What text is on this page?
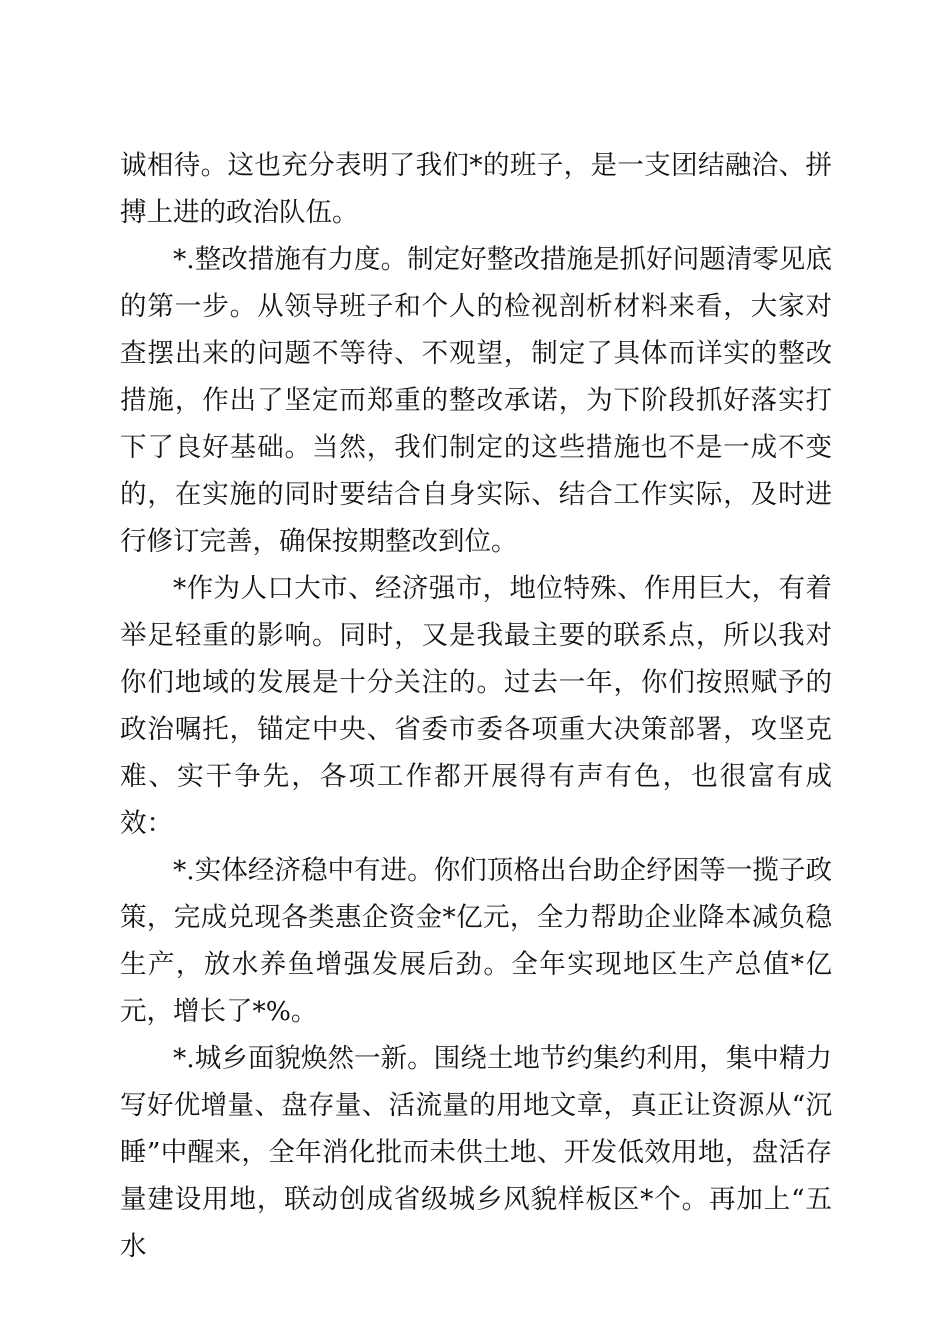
诚相待。这也充分表明了我们*的班子，是一支团结融洽、拼搏上进的政治队伍。

*.整改措施有力度。制定好整改措施是抓好问题清零见底的第一步。从领导班子和个人的检视剖析材料来看，大家对查摆出来的问题不等待、不观望，制定了具体而详实的整改措施，作出了坚定而郑重的整改承诺，为下阶段抓好落实打下了良好基础。当然，我们制定的这些措施也不是一成不变的，在实施的同时要结合自身实际、结合工作实际，及时进行修订完善，确保按期整改到位。

*作为人口大市、经济强市，地位特殊、作用巨大，有着举足轻重的影响。同时，又是我最主要的联系点，所以我对你们地域的发展是十分关注的。过去一年，你们按照赋予的政治嘱托，锚定中央、省委市委各项重大决策部署，攻坚克难、实干争先，各项工作都开展得有声有色，也很富有成效：

*.实体经济稳中有进。你们顶格出台助企纾困等一揽子政策，完成兑现各类惠企资金*亿元，全力帮助企业降本减负稳生产，放水养鱼增强发展后劲。全年实现地区生产总值*亿元，增长了*%。

*.城乡面貌焕然一新。围绕土地节约集约利用，集中精力写好优增量、盘存量、活流量的用地文章，真正让资源从“沉睡”中醒来，全年消化批而未供土地、开发低效用地，盘活存量建设用地，联动创成省级城乡风貌样板区*个。再加上“五水
